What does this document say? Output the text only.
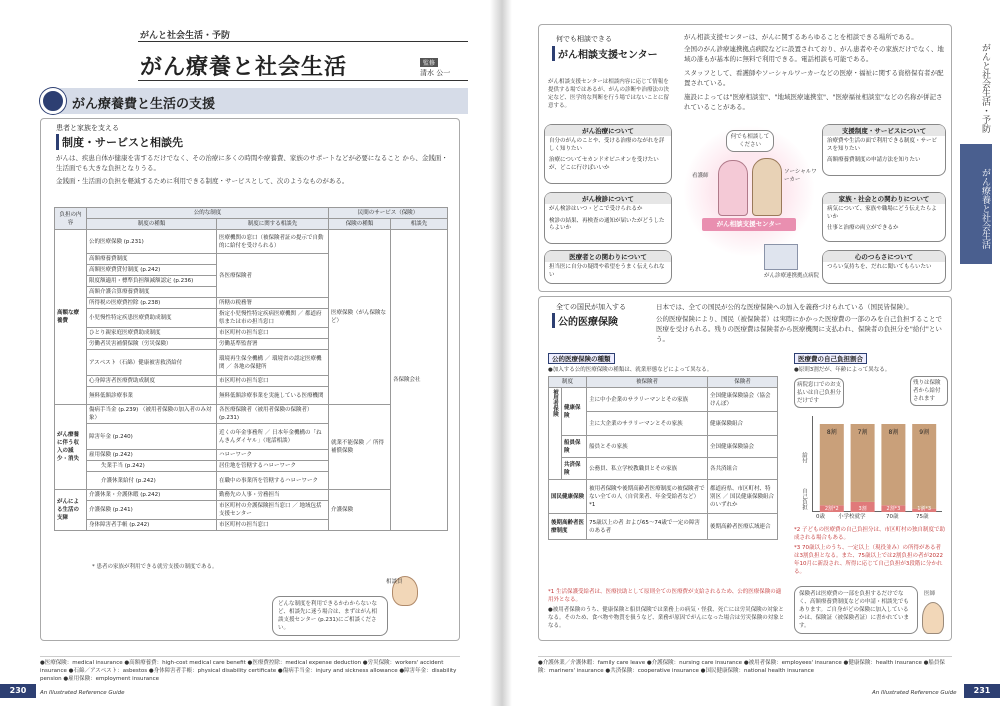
がんと社会生活・予防
がん療養と社会生活	監修
清水 公一
がん療養費と生活の支援
患者と家族を支える
制度・サービスと相談先
がんは、疾患自体が健康を害するだけでなく、その治療に多くの時間や療養費、家族のサポートなどが必要になること から、金銭面・生活面でも大きな負担となりうる。
金銭面・生活面の負担を軽減するために利用できる制度・サービスとして、次のようなものがある。
負担の内容	公的な制度		民間のサービス（保険）	
	制度の種類	制度に関する相談先	保険の種類	相談先
高額な療養費	公的医療保険 (p.231)	医療機関の窓口（被保険者証の提示で自動的に給付を受けられる）	医療保険（がん保険など）	各保険会社
	高額療養費制度	各医療保険者		
	高額医療費貸付制度 (p.242)			
	限度額適用・標準負担額減額認定 (p.236)			
	高額介護合算療養費制度			
	所得税の医療費控除 (p.238)	所轄の税務署		
	小児慢性特定疾患医療費助成制度	指定小児慢性特定疾病医療機関 ／ 都道府県または市の担当窓口		
	ひとり親家庭医療費助成制度	市区町村の担当窓口		
	労働者災害補償保険（労災保険）	労働基準監督署		
	アスベスト（石綿）健康被害救済給付	環境再生保全機構 ／ 環境省の認定医療機関 ／ 各地の保健所		
	心身障害者医療費助成制度	市区町村の担当窓口		
	無料低額診療事業	無料低額診療事業を実施している医療機関		
がん療養に伴う収入の減少・消失	傷病手当金 (p.239) （被用者保険の加入者のみ対象）	各医療保険者（被用者保険の保険者） (p.231)	就業不能保険 ／ 所得補償保険	
	障害年金 (p.240)	近くの年金事務所 ／ 日本年金機構の「ねんきんダイヤル」（電話相談）		
	雇用保険 (p.242)	ハローワーク		
	失業手当 (p.242)	居住地を管轄するハローワーク		
	介護休業給付 (p.242)	在職中の事業所を管轄するハローワーク		

がんによる生活の支障	介護休業・介護休暇 (p.242)	勤務先の人事・労務担当	介護保険	
	介護保険 (p.241)	市区町村の介護保険担当窓口 ／ 地域包括支援センター		
	身体障害者手帳 (p.242)	市区町村の担当窓口		
* 患者の家族が利用できる就労支援の制度である。
相談員
どんな制度を利用できるかわからないなど、相談先に迷う場合は、まずはがん相談支援センター (p.231)にご相談ください。
●医療保険：medical insurance ●高額療養費：high-cost medical care benefit ●医療費控除：medical expense deduction ●労災保険：workers' accident insurance ●石綿／アスベスト：asbestos ●身体障害者手帳：physical disability certificate ●傷病手当金：injury and sickness allowance ●障害年金：disability pension ●雇用保険：employment insurance
230	An Illustrated Reference Guide
何でも相談できる
がん相談支援センター
がん相談支援センターは、がんに関するあらゆることを相談できる場所である。
全国のがん診療連携拠点病院などに設置されており、がん患者やその家族だけでなく、地域の誰もが基本的に無料で利用できる。電話相談も可能である。
スタッフとして、看護師やソーシャルワーカーなどの医療・福祉に関する資格保有者が配置されている。
施設によっては"医療相談室"、"地域医療連携室"、"医療福祉相談室"などの名称が併記されていることがある。
がん相談支援センターは相談内容に応じて情報を提供する場ではあるが、がんの診断や治療法の決定など、医学的な判断を行う場ではないことに留意する。
がん治療について
自分のがんのことや、受ける治療のながれを詳しく知りたい
治療についてセカンドオピニオンを受けたいが、どこに行けばいいか
がん検診について
がん検診はいつ・どこで受けられるか
検診の結果、再検査の通知が届いたがどうしたらよいか
医療者との関わりについて
担当医に自分の疑問や希望をうまく伝えられない
支援制度・サービスについて
治療費や生活の面で利用できる制度・サービスを知りたい
高額療養費制度の申請方法を知りたい
家族・社会との関わりについて
病気について、家族や職場にどう伝えたらよいか
仕事と治療の両立ができるか
心のつらさについて
つらい気持ちを、だれに聞いてもらいたい
何でも相談してください
看護師
ソーシャルワーカー
がん相談支援センター
がん診療連携拠点病院
全ての国民が加入する
公的医療保険
日本では、全ての国民が公的な医療保険への加入を義務づけられている（国民皆保険）。
公的医療保険により、国民（被保険者）は実際にかかった医療費の一部のみを自己負担することで医療を受けられる。残りの医療費は保険者から医療機関に支払われ、保険者の負担分を"給付"という。
公的医療保険の種類
●加入する公的医療保険の種類は、就業形態などによって異なる。
制度		被保険者	保険者
被用者保険	健康保険	主に中小企業のサラリーマンとその家族	全国健康保険協会（協会けんぽ）
		主に大企業のサラリーマンとその家族	健康保険組合
	船員保険	船員とその家族	全国健康保険協会
	共済保険	公務員、私立学校教職員とその家族	各共済組合

国民健康保険		被用者保険や後期高齢者医療制度の被保険者でない全ての人（自営業者、年金受給者など）*1	都道府県、市区町村、特別区 ／ 国民健康保険組合のいずれか
後期高齢者医療制度		75歳以上の者 および65〜74歳で一定の障害のある者	後期高齢者医療広域連合
*1 生活保護受給者は、医療扶助として原則全ての医療費が支給されるため、公的医療保険の適用外となる。
●被用者保険のうち、健康保険と船員保険では業務上の病気・怪我、死亡には労災保険の対象となる。そのため、食べ物や物質を扱うなど、業務が原因でがんになった場合は労災保険の対象となる。
医療費の自己負担割合
●原則3割だが、年齢によって異なる。
病院窓口でのお支払いは自己負担分だけです
残りは保険者から給付されます
8割
2割*2
7割
3割
8割
2割*3
9割
1割*3
給付
自己負担
0歳 小学校就学	70歳	75歳
*2 子どもの医療費の自己負担分は、市区町村の独自制度で助成される場合もある。
*3 70歳以上のうち、一定以上（現役並み）の所得がある者は3割負担となる。また、75歳以上では2割負担の者が2022年10月に新設され、所得に応じて自己負担が3段階に分かれる。
保険者は医療費の一部を負担するだけでなく、高額療養費制度などの申請・相談先でもあります。ご自身がどの保険に加入しているかは、保険証（被保険者証）に書かれています。
医師
●介護休業／介護休暇：family care leave ●介護保険：nursing care insurance ●被用者保険：employees' insurance ●健康保険：health insurance ●船員保険：mariners' insurance ●共済保険：cooperative insurance ●国民健康保険：national health insurance
An Illustrated Reference Guide	231
がんと社会生活・予防
がん療養と社会生活
